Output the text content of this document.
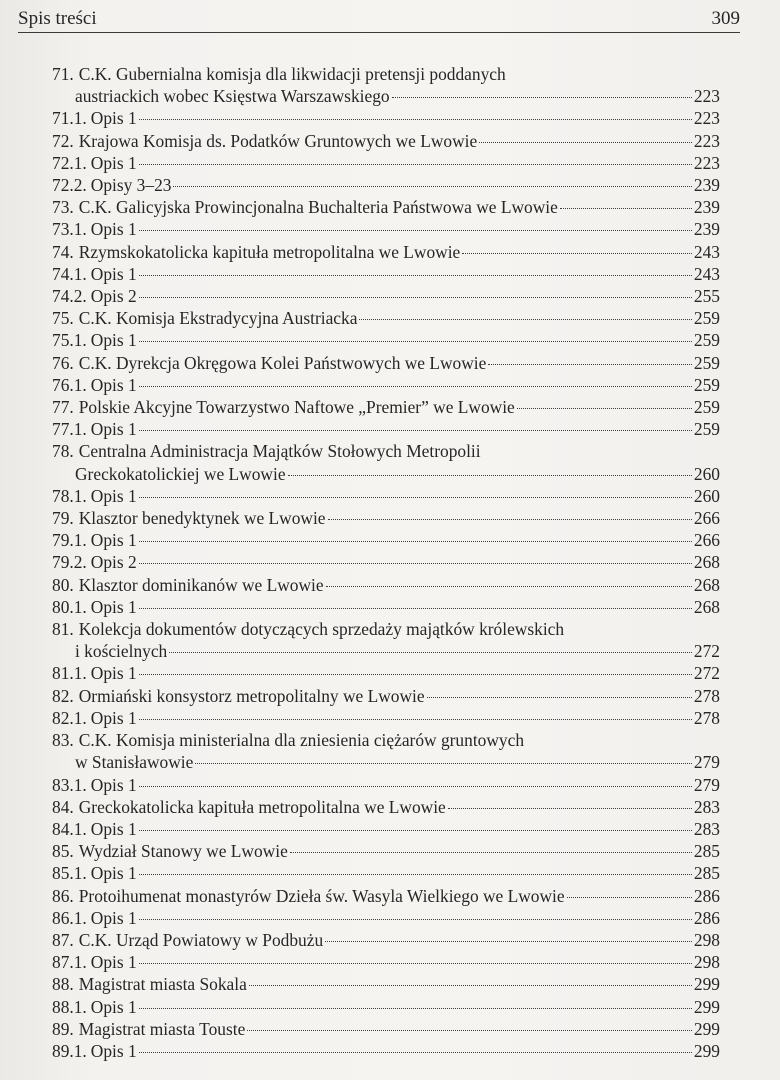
Spis treści	309
71. C.K. Gubernialna komisja dla likwidacji pretensji poddanych
austriackich wobec Księstwa Warszawskiego	223
71.1. Opis 1	223
72. Krajowa Komisja ds. Podatków Gruntowych we Lwowie	223
72.1. Opis 1	223
72.2. Opisy 3–23	239
73. C.K. Galicyjska Prowincjonalna Buchalteria Państwowa we Lwowie	239
73.1. Opis 1	239
74. Rzymskokatolicka kapituła metropolitalna we Lwowie	243
74.1. Opis 1	243
74.2. Opis 2	255
75. C.K. Komisja Ekstradycyjna Austriacka	259
75.1. Opis 1	259
76. C.K. Dyrekcja Okręgowa Kolei Państwowych we Lwowie	259
76.1. Opis 1	259
77. Polskie Akcyjne Towarzystwo Naftowe „Premier” we Lwowie	259
77.1. Opis 1	259
78. Centralna Administracja Majątków Stołowych Metropolii
Greckokatolickiej we Lwowie	260
78.1. Opis 1	260
79. Klasztor benedyktynek we Lwowie	266
79.1. Opis 1	266
79.2. Opis 2	268
80. Klasztor dominikanów we Lwowie	268
80.1. Opis 1	268
81. Kolekcja dokumentów dotyczących sprzedaży majątków królewskich
i kościelnych	272
81.1. Opis 1	272
82. Ormiański konsystorz metropolitalny we Lwowie	278
82.1. Opis 1	278
83. C.K. Komisja ministerialna dla zniesienia ciężarów gruntowych
w Stanisławowie	279
83.1. Opis 1	279
84. Greckokatolicka kapituła metropolitalna we Lwowie	283
84.1. Opis 1	283
85. Wydział Stanowy we Lwowie	285
85.1. Opis 1	285
86. Protoihumenat monastyrów Dzieła św. Wasyla Wielkiego we Lwowie	286
86.1. Opis 1	286
87. C.K. Urząd Powiatowy w Podbużu	298
87.1. Opis 1	298
88. Magistrat miasta Sokala	299
88.1. Opis 1	299
89. Magistrat miasta Touste	299
89.1. Opis 1	299
